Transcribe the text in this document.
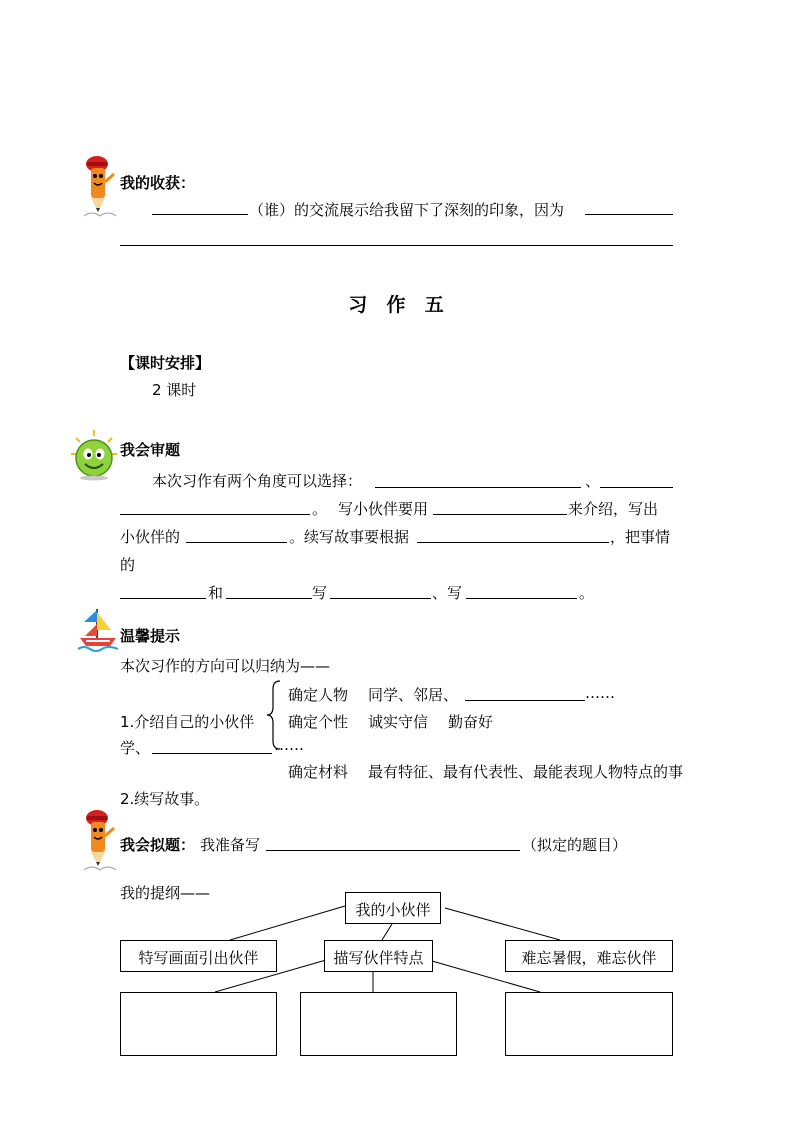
我的收获：
（谁）的交流展示给我留下了深刻的印象，因为
习  作  五
【课时安排】
2 课时
我会审题
本次习作有两个角度可以选择：	、
。 写小伙伴要用	来介绍，写出
小伙伴的	。续写故事要根据	，把事情
的
和	写	、写	。
温馨提示
本次习作的方向可以归纳为——
确定人物 同学、邻居、	……
1.介绍自己的小伙伴 确定个性 诚实守信 勤奋好
学、	……
确定材料 最有特征、最有代表性、最能表现人物特点的事
2.续写故事。
我会拟题： 我准备写	（拟定的题目）
我的提纲——
我的小伙伴
特写画面引出伙伴	描写伙伴特点	难忘暑假，难忘伙伴
